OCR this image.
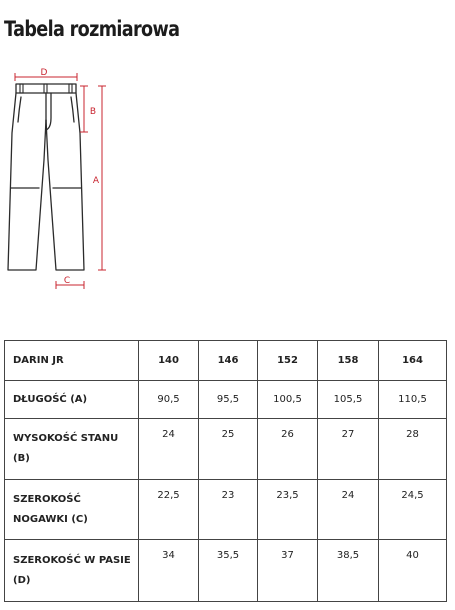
Tabela rozmiarowa
D
B
A
C
DARIN JR	140	146	152	158	164
DŁUGOŚĆ (A)	90,5	95,5	100,5	105,5	110,5
WYSOKOŚĆ STANU (B)	24	25	26	27	28
SZEROKOŚĆ NOGAWKI (C)	22,5	23	23,5	24	24,5
SZEROKOŚĆ W PASIE (D)	34	35,5	37	38,5	40
